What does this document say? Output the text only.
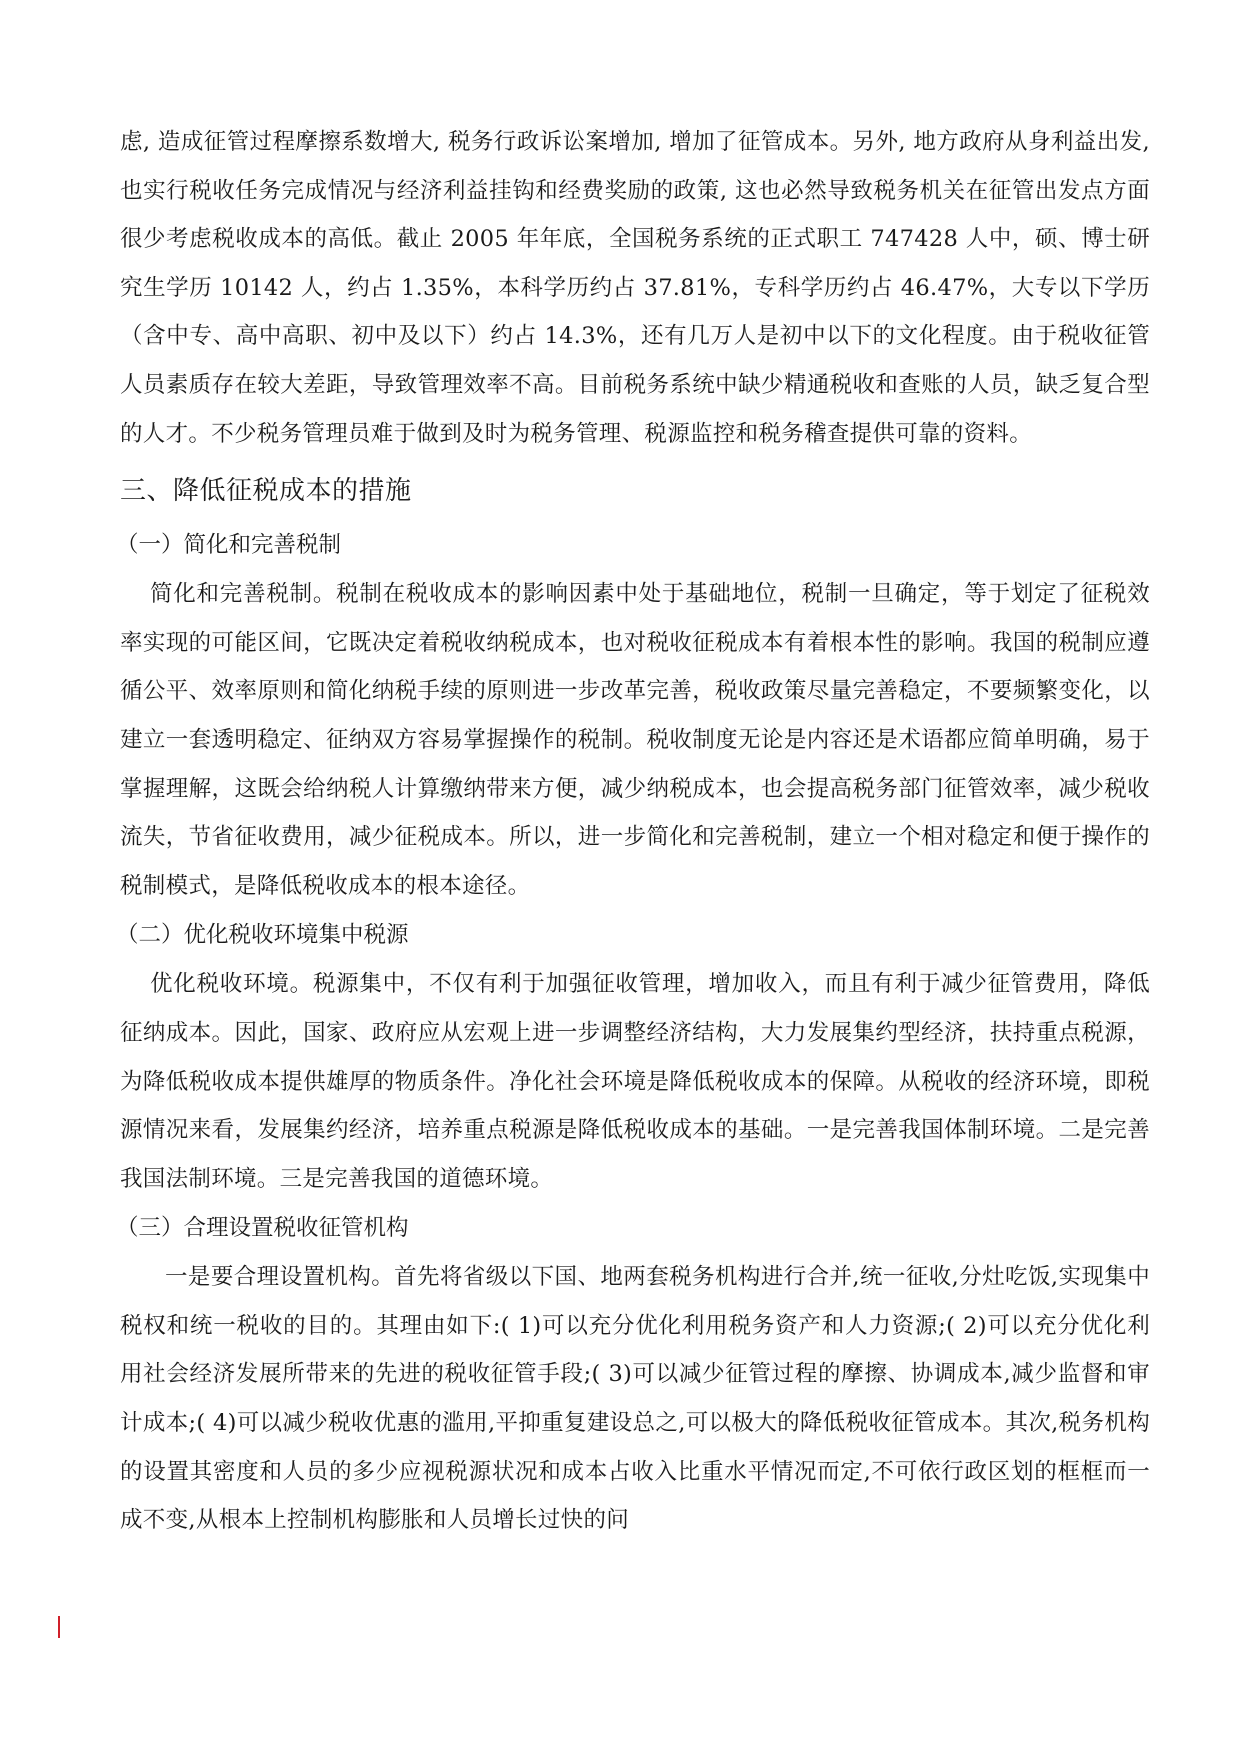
虑, 造成征管过程摩擦系数增大, 税务行政诉讼案增加, 增加了征管成本。另外, 地方政府从身利益出发, 也实行税收任务完成情况与经济利益挂钩和经费奖励的政策, 这也必然导致税务机关在征管出发点方面很少考虑税收成本的高低。截止 2005 年年底，全国税务系统的正式职工 747428 人中，硕、博士研究生学历 10142 人，约占 1.35%，本科学历约占 37.81%，专科学历约占 46.47%，大专以下学历（含中专、高中高职、初中及以下）约占 14.3%，还有几万人是初中以下的文化程度。由于税收征管人员素质存在较大差距，导致管理效率不高。目前税务系统中缺少精通税收和查账的人员，缺乏复合型的人才。不少税务管理员难于做到及时为税务管理、税源监控和税务稽查提供可靠的资料。

三、降低征税成本的措施
（一）简化和完善税制

简化和完善税制。税制在税收成本的影响因素中处于基础地位，税制一旦确定，等于划定了征税效率实现的可能区间，它既决定着税收纳税成本，也对税收征税成本有着根本性的影响。我国的税制应遵循公平、效率原则和简化纳税手续的原则进一步改革完善，税收政策尽量完善稳定，不要频繁变化，以建立一套透明稳定、征纳双方容易掌握操作的税制。税收制度无论是内容还是术语都应简单明确，易于掌握理解，这既会给纳税人计算缴纳带来方便，减少纳税成本，也会提高税务部门征管效率，减少税收流失，节省征收费用，减少征税成本。所以，进一步简化和完善税制，建立一个相对稳定和便于操作的税制模式，是降低税收成本的根本途径。

（二）优化税收环境集中税源

优化税收环境。税源集中，不仅有利于加强征收管理，增加收入，而且有利于减少征管费用，降低征纳成本。因此，国家、政府应从宏观上进一步调整经济结构，大力发展集约型经济，扶持重点税源，为降低税收成本提供雄厚的物质条件。净化社会环境是降低税收成本的保障。从税收的经济环境，即税源情况来看，发展集约经济，培养重点税源是降低税收成本的基础。一是完善我国体制环境。二是完善我国法制环境。三是完善我国的道德环境。

（三）合理设置税收征管机构

一是要合理设置机构。首先将省级以下国、地两套税务机构进行合并,统一征收,分灶吃饭,实现集中税权和统一税收的目的。其理由如下:( 1)可以充分优化利用税务资产和人力资源;( 2)可以充分优化利用社会经济发展所带来的先进的税收征管手段;( 3)可以减少征管过程的摩擦、协调成本,减少监督和审计成本;( 4)可以减少税收优惠的滥用,平抑重复建设总之,可以极大的降低税收征管成本。其次,税务机构的设置其密度和人员的多少应视税源状况和成本占收入比重水平情况而定,不可依行政区划的框框而一成不变,从根本上控制机构膨胀和人员增长过快的问
